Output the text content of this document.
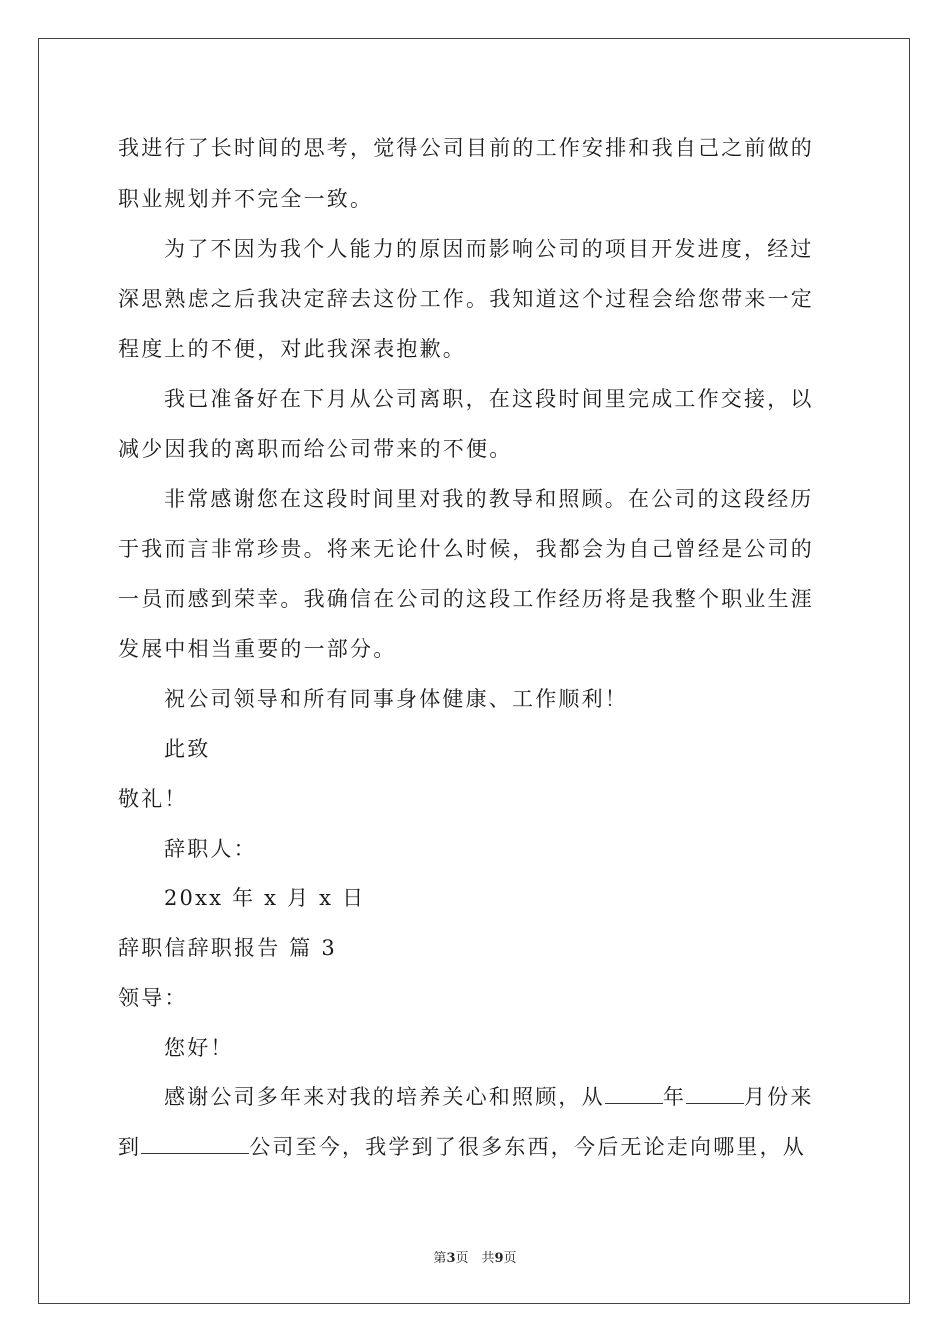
我进行了长时间的思考，觉得公司目前的工作安排和我自己之前做的
职业规划并不完全一致。
为了不因为我个人能力的原因而影响公司的项目开发进度，经过
深思熟虑之后我决定辞去这份工作。我知道这个过程会给您带来一定
程度上的不便，对此我深表抱歉。
我已准备好在下月从公司离职，在这段时间里完成工作交接，以
减少因我的离职而给公司带来的不便。
非常感谢您在这段时间里对我的教导和照顾。在公司的这段经历
于我而言非常珍贵。将来无论什么时候，我都会为自己曾经是公司的
一员而感到荣幸。我确信在公司的这段工作经历将是我整个职业生涯
发展中相当重要的一部分。
祝公司领导和所有同事身体健康、工作顺利！
此致
敬礼！
辞职人：
20xx 年 x 月 x 日
辞职信辞职报告 篇 3
领导：
您好！
感谢公司多年来对我的培养关心和照顾，从	年	月份来
到	公司至今，我学到了很多东西，今后无论走向哪里，从
第3页　共9页
